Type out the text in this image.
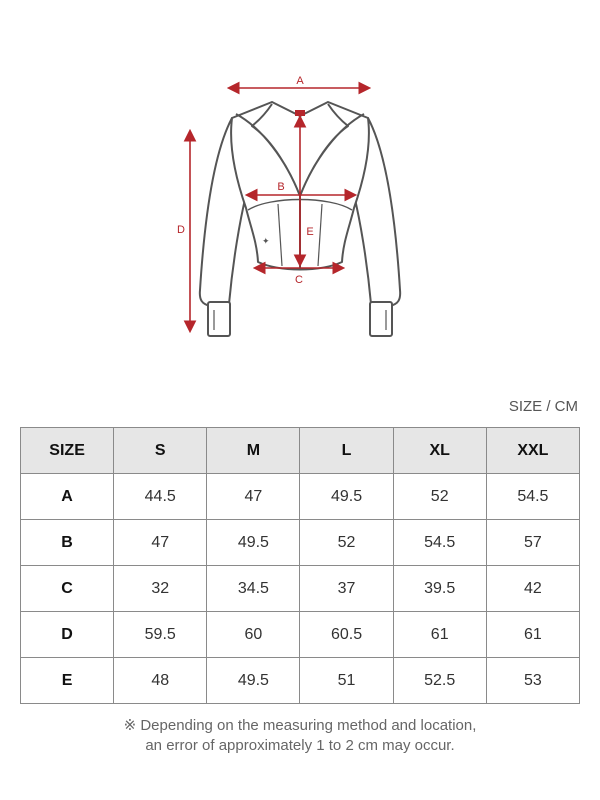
✦
A
B
C
D	E
SIZE / CM
SIZE	S	M	L	XL	XXL
A	44.5	47	49.5	52	54.5
B	47	49.5	52	54.5	57
C	32	34.5	37	39.5	42
D	59.5	60	60.5	61	61
E	48	49.5	51	52.5	53
※ Depending on the measuring method and location,
an error of approximately 1 to 2 cm may occur.
